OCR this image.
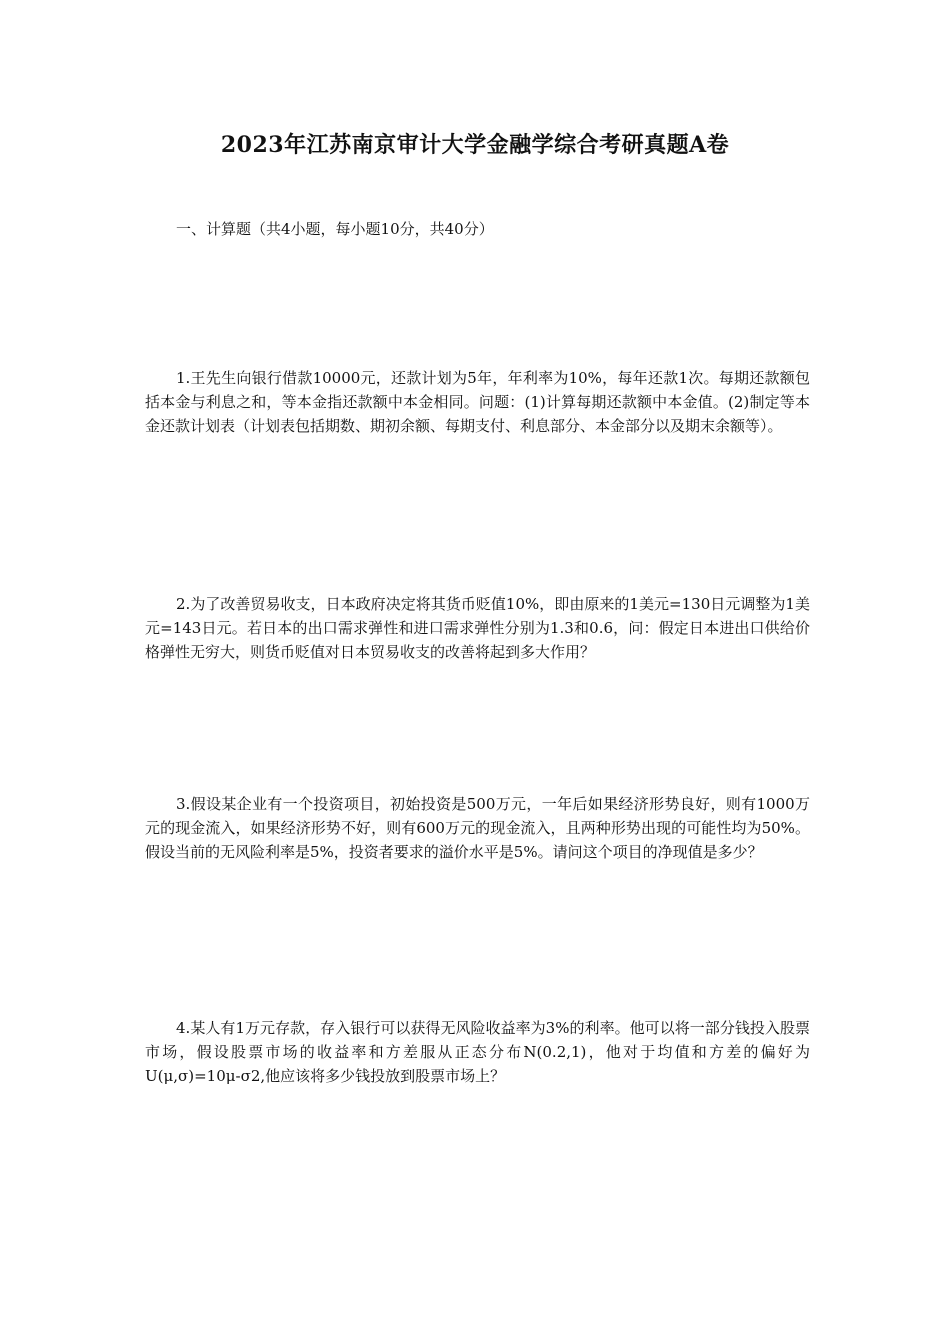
2023年江苏南京审计大学金融学综合考研真题A卷

一、计算题（共4小题，每小题10分，共40分）

1.王先生向银行借款10000元，还款计划为5年，年利率为10%，每年还款1次。每期还款额包括本金与利息之和，等本金指还款额中本金相同。问题：(1)计算每期还款额中本金值。(2)制定等本金还款计划表（计划表包括期数、期初余额、每期支付、利息部分、本金部分以及期末余额等）。

2.为了改善贸易收支，日本政府决定将其货币贬值10%，即由原来的1美元=130日元调整为1美元=143日元。若日本的出口需求弹性和进口需求弹性分别为1.3和0.6，问：假定日本进出口供给价格弹性无穷大，则货币贬值对日本贸易收支的改善将起到多大作用？

3.假设某企业有一个投资项目，初始投资是500万元，一年后如果经济形势良好，则有1000万元的现金流入，如果经济形势不好，则有600万元的现金流入，且两种形势出现的可能性均为50%。假设当前的无风险利率是5%，投资者要求的溢价水平是5%。请问这个项目的净现值是多少？

4.某人有1万元存款，存入银行可以获得无风险收益率为3%的利率。他可以将一部分钱投入股票市场，假设股票市场的收益率和方差服从正态分布N(0.2,1)，他对于均值和方差的偏好为U(μ,σ)=10μ-σ2,他应该将多少钱投放到股票市场上？
